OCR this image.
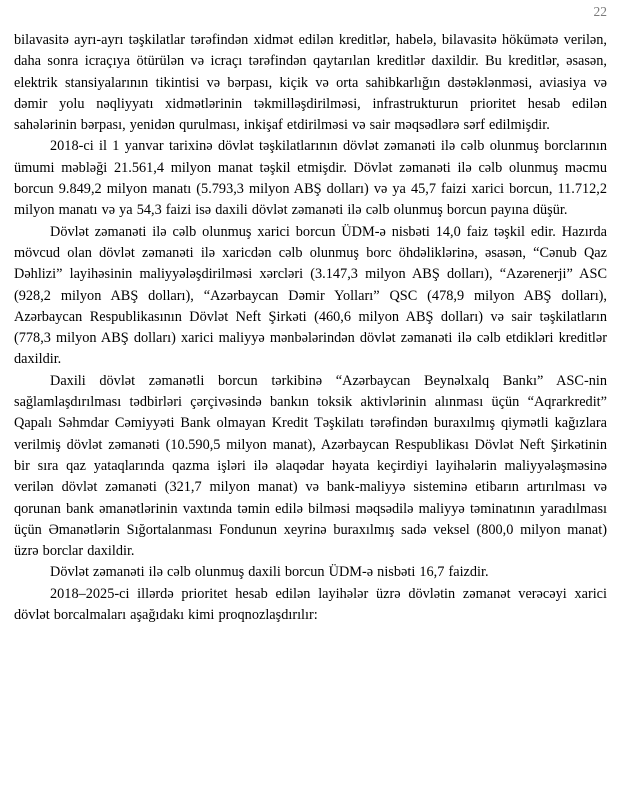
22

bilavasitə ayrı-ayrı təşkilatlar tərəfindən xidmət edilən kreditlər, habelə, bilavasitə hökümətə verilən, daha sonra icraçıya ötürülən və icraçı tərəfindən qaytarılan kreditlər daxildir. Bu kreditlər, əsasən, elektrik stansiyalarının tikintisi və bərpası, kiçik və orta sahibkarlığın dəstəklənməsi, aviasiya və dəmir yolu nəqliyyatı xidmətlərinin təkmilləşdirilməsi, infrastrukturun prioritet hesab edilən sahələrinin bərpası, yenidən qurulması, inkişaf etdirilməsi və sair məqsədlərə sərf edilmişdir.

2018-ci il 1 yanvar tarixinə dövlət təşkilatlarının dövlət zəmanəti ilə cəlb olunmuş borclarının ümumi məbləği 21.561,4 milyon manat təşkil etmişdir. Dövlət zəmanəti ilə cəlb olunmuş məcmu borcun 9.849,2 milyon manatı (5.793,3 milyon ABŞ dolları) və ya 45,7 faizi xarici borcun, 11.712,2 milyon manatı və ya 54,3 faizi isə daxili dövlət zəmanəti ilə cəlb olunmuş borcun payına düşür.

Dövlət zəmanəti ilə cəlb olunmuş xarici borcun ÜDM-ə nisbəti 14,0 faiz təşkil edir. Hazırda mövcud olan dövlət zəmanəti ilə xaricdən cəlb olunmuş borc öhdəliklərinə, əsasən, “Cənub Qaz Dəhlizi” layihəsinin maliyyələşdirilməsi xərcləri (3.147,3 milyon ABŞ dolları), “Azərenerji” ASC (928,2 milyon ABŞ dolları), “Azərbaycan Dəmir Yolları” QSC (478,9 milyon ABŞ dolları), Azərbaycan Respublikasının Dövlət Neft Şirkəti (460,6 milyon ABŞ dolları) və sair təşkilatların (778,3 milyon ABŞ dolları) xarici maliyyə mənbələrindən dövlət zəmanəti ilə cəlb etdikləri kreditlər daxildir.

Daxili dövlət zəmanətli borcun tərkibinə “Azərbaycan Beynəlxalq Bankı” ASC-nin sağlamlaşdırılması tədbirləri çərçivəsində bankın toksik aktivlərinin alınması üçün “Aqrarkredit” Qapalı Səhmdar Cəmiyyəti Bank olmayan Kredit Təşkilatı tərəfindən buraxılmış qiymətli kağızlara verilmiş dövlət zəmanəti (10.590,5 milyon manat), Azərbaycan Respublikası Dövlət Neft Şirkətinin bir sıra qaz yataqlarında qazma işləri ilə əlaqədar həyata keçirdiyi layihələrin maliyyələşməsinə verilən dövlət zəmanəti (321,7 milyon manat) və bank-maliyyə sisteminə etibarın artırılması və qorunan bank əmanətlərinin vaxtında təmin edilə bilməsi məqsədilə maliyyə təminatının yaradılması üçün Əmanətlərin Sığortalanması Fondunun xeyrinə buraxılmış sadə veksel (800,0 milyon manat) üzrə borclar daxildir.

Dövlət zəmanəti ilə cəlb olunmuş daxili borcun ÜDM-ə nisbəti 16,7 faizdir.

2018–2025-ci illərdə prioritet hesab edilən layihələr üzrə dövlətin zəmanət verəcəyi xarici dövlət borcalmaları aşağıdakı kimi proqnozlaşdırılır:
